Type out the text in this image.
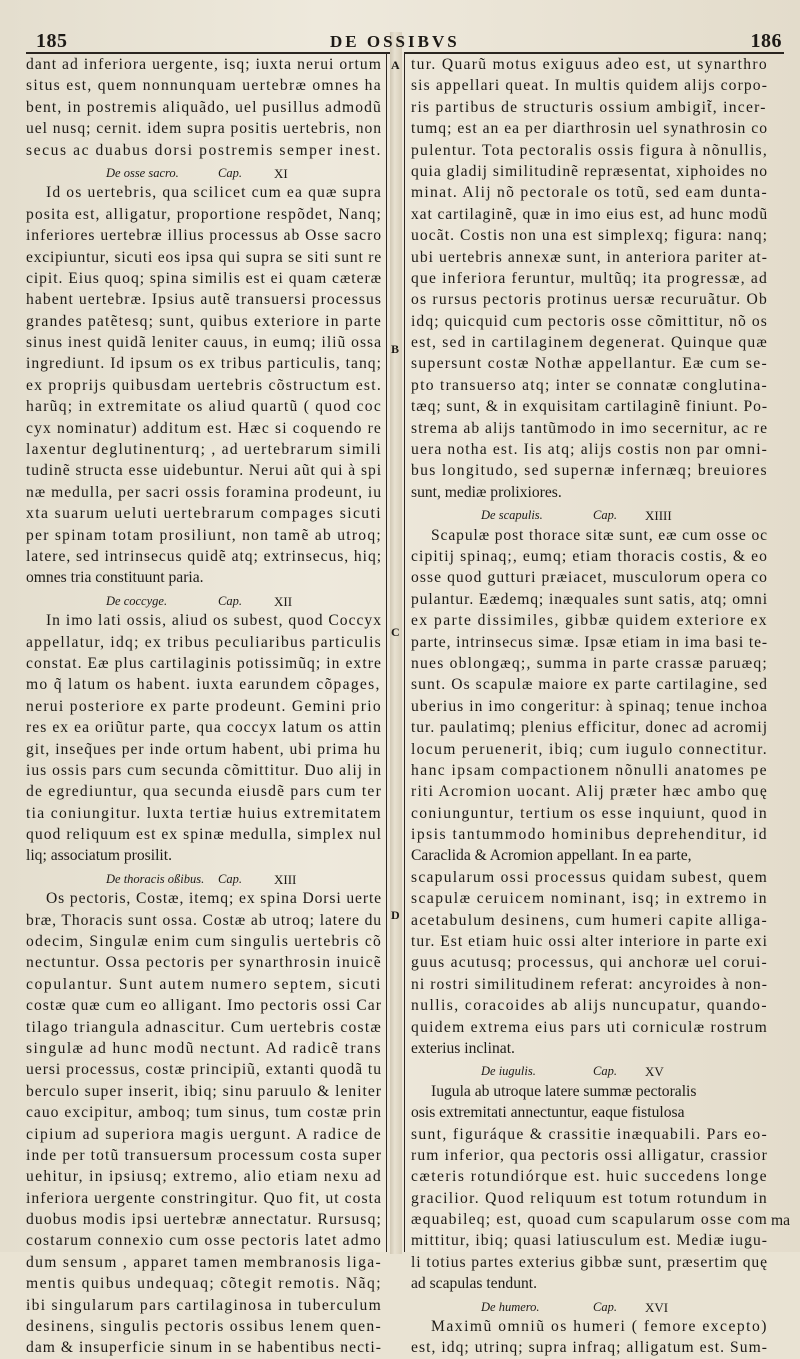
185	DE OSSIBVS	186
A
B
C
D
dant ad inferiora uergente, isq; iuxta nerui ortum
situs est, quem nonnunquam uertebræ omnes ha
bent, in postremis aliquãdo, uel pusillus admodũ
uel nusq; cernit. idem supra positis uertebris, non
secus ac duabus dorsi postremis semper inest.
De osse sacro.	Cap. XI
Id os uertebris, qua scilicet cum ea quæ supra
posita est, alligatur, proportione respõdet, Nanq;
inferiores uertebræ illius processus ab Osse sacro
excipiuntur, sicuti eos ipsa qui supra se siti sunt re
cipit. Eius quoq; spina similis est ei quam cæteræ
habent uertebræ. Ipsius autẽ transuersi processus
grandes patẽtesq; sunt, quibus exteriore in parte
sinus inest quidã leniter cauus, in eumq; iliũ ossa
ingrediunt. Id ipsum os ex tribus particulis, tanq;
ex proprijs quibusdam uertebris cõstructum est.
harũq; in extremitate os aliud quartũ ( quod coc
cyx nominatur) additum est. Hæc si coquendo re
laxentur deglutinenturq; , ad uertebrarum simili
tudinẽ structa esse uidebuntur. Nerui aũt qui à spi
næ medulla, per sacri ossis foramina prodeunt, iu
xta suarum ueluti uertebrarum compages sicuti
per spinam totam prosiliunt, non tamẽ ab utroq;
latere, sed intrinsecus quidẽ atq; extrinsecus, hiq;
omnes tria constituunt paria.
De coccyge.	Cap. XII
In imo lati ossis, aliud os subest, quod Coccyx
appellatur, idq; ex tribus peculiaribus particulis
constat. Eæ plus cartilaginis potissimũq; in extre
mo q̃ latum os habent. iuxta earundem cõpages,
nerui posteriore ex parte prodeunt. Gemini prio
res ex ea oriũtur parte, qua coccyx latum os attin
git, inseq̃ues per inde ortum habent, ubi prima hu
ius ossis pars cum secunda cõmittitur. Duo alij in
de egrediuntur, qua secunda eiusdẽ pars cum ter
tia coniungitur. luxta tertiæ huius extremitatem
quod reliquum est ex spinæ medulla, simplex nul
liq; associatum prosilit.
De thoracis oßibus. Cap. XIII
Os pectoris, Costæ, itemq; ex spina Dorsi uerte
bræ, Thoracis sunt ossa. Costæ ab utroq; latere du
odecim, Singulæ enim cum singulis uertebris cõ
nectuntur. Ossa pectoris per synarthrosin inuicẽ
copulantur. Sunt autem numero septem, sicuti
costæ quæ cum eo alligant. Imo pectoris ossi Car
tilago triangula adnascitur. Cum uertebris costæ
singulæ ad hunc modũ nectunt. Ad radicẽ trans
uersi processus, costæ principiũ, extanti quodã tu
berculo super inserit, ibiq; sinu paruulo & leniter
cauo excipitur, amboq; tum sinus, tum costæ prin
cipium ad superiora magis uergunt. A radice de
inde per totũ transuersum processum costa super
uehitur, in ipsiusq; extremo, alio etiam nexu ad
inferiora uergente constringitur. Quo fit, ut costa
duobus modis ipsi uertebræ annectatur. Rursusq;
costarum connexio cum osse pectoris latet admo
dum sensum , apparet tamen membranosis liga-
mentis quibus undequaq; cõtegit remotis. Nãq;
ibi singularum pars cartilaginosa in tuberculum
desinens, singulis pectoris ossibus lenem quen-
dam & insuperficie sinum in se habentibus necti-
tur. Quarũ motus exiguus adeo est, ut synarthro
sis appellari queat. In multis quidem alijs corpo-
ris partibus de structuris ossium ambigit̃, incer-
tumq; est an ea per diarthrosin uel synathrosin co
pulentur. Tota pectoralis ossis figura à nõnullis,
quia gladij similitudinẽ repræsentat, xiphoides no
minat. Alij nõ pectorale os totũ, sed eam dunta-
xat cartilaginẽ, quæ in imo eius est, ad hunc modũ
uocãt. Costis non una est simplexq; figura: nanq;
ubi uertebris annexæ sunt, in anteriora pariter at-
que inferiora feruntur, multũq; ita progressæ, ad
os rursus pectoris protinus uersæ recuruãtur. Ob
idq; quicquid cum pectoris osse cõmittitur, nõ os
est, sed in cartilaginem degenerat. Quinque quæ
supersunt costæ Nothæ appellantur. Eæ cum se-
pto transuerso atq; inter se connatæ conglutina-
tæq; sunt, & in exquisitam cartilaginẽ finiunt. Po-
strema ab alijs tantũmodo in imo secernitur, ac re
uera notha est. Iis atq; alijs costis non par omni-
bus longitudo, sed supernæ infernæq; breuiores
sunt, mediæ prolixiores.
De scapulis.	Cap. XIIII
Scapulæ post thorace sitæ sunt, eæ cum osse oc
cipitij spinaq;, eumq; etiam thoracis costis, & eo
osse quod gutturi præiacet, musculorum opera co
pulantur. Eædemq; inæquales sunt satis, atq; omni
ex parte dissimiles, gibbæ quidem exteriore ex
parte, intrinsecus simæ. Ipsæ etiam in ima basi te-
nues oblongæq;, summa in parte crassæ paruæq;
sunt. Os scapulæ maiore ex parte cartilagine, sed
uberius in imo congeritur: à spinaq; tenue inchoa
tur. paulatimq; plenius efficitur, donec ad acromij
locum peruenerit, ibiq; cum iugulo connectitur.
hanc ipsam compactionem nõnulli anatomes pe
riti Acromion uocant. Alij præter hæc ambo quę
coniunguntur, tertium os esse inquiunt, quod in
ipsis tantummodo hominibus deprehenditur, id
Caraclida & Acromion appellant. In ea parte,
scapularum ossi processus quidam subest, quem
scapulæ ceruicem nominant, isq; in extremo in
acetabulum desinens, cum humeri capite alliga-
tur. Est etiam huic ossi alter interiore in parte exi
guus acutusq; processus, qui anchoræ uel corui-
ni rostri similitudinem referat: ancyroides à non-
nullis, coracoides ab alijs nuncupatur, quando-
quidem extrema eius pars uti corniculæ rostrum
exterius inclinat.
De iugulis.	Cap. XV
Iugula ab utroque latere summæ pectoralis
osis extremitati annectuntur, eaque fistulosa
sunt, figuráque & crassitie inæquabili. Pars eo-
rum inferior, qua pectoris ossi alligatur, crassior
cæteris rotundiórque est. huic succedens longe
gracilior. Quod reliquum est totum rotundum in
æquabileq; est, quoad cum scapularum osse com
mittitur, ibiq; quasi latiusculum est. Mediæ iugu-
li totius partes exterius gibbæ sunt, præsertim quę
ad scapulas tendunt.
De humero.	Cap. XVI
Maximũ omniũ os humeri ( femore excepto)
est, idq; utrinq; supra infraq; alligatum est. Sum-
ma
